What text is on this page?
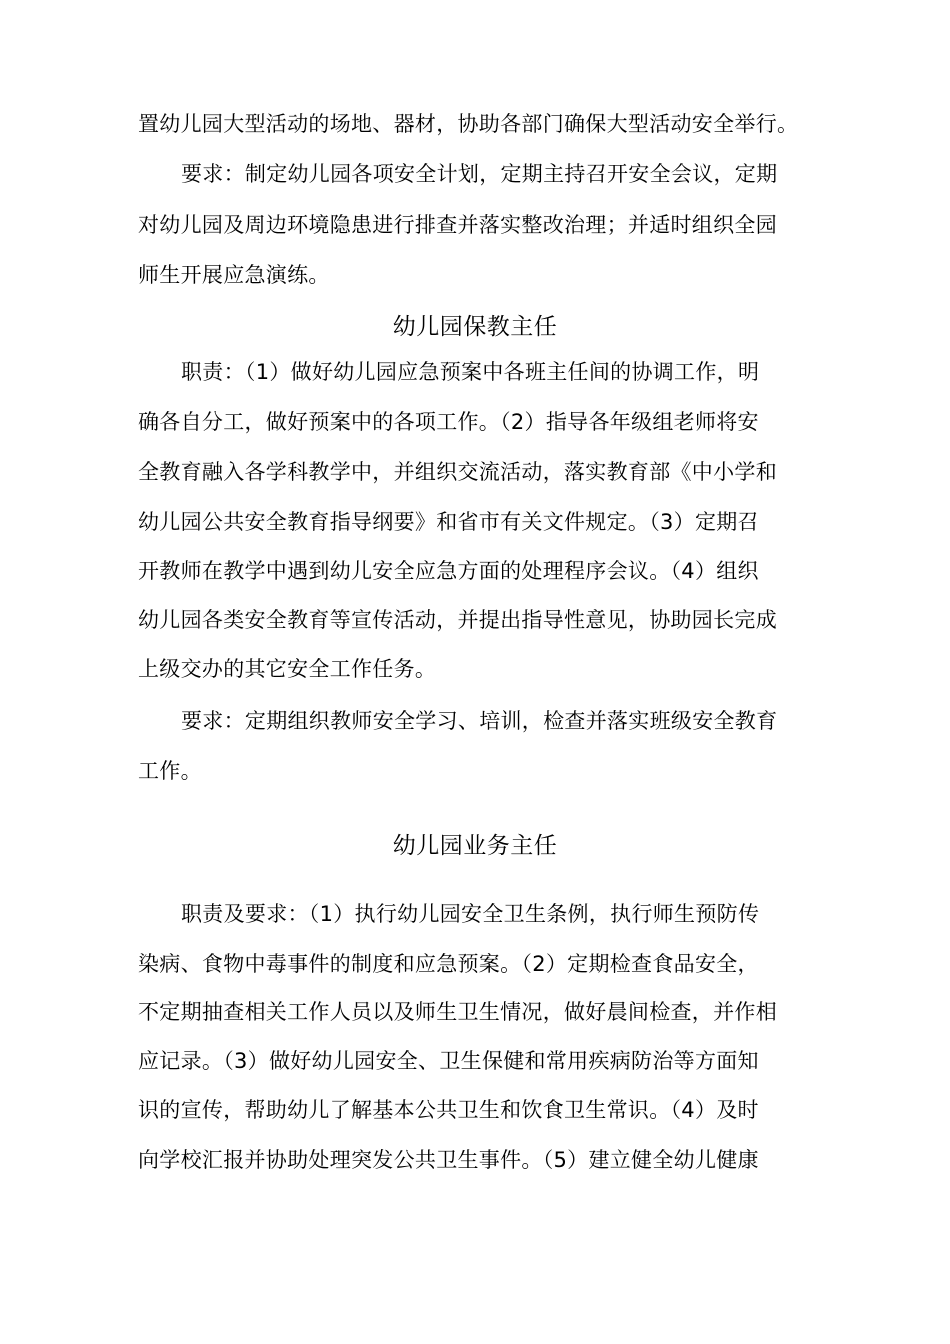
置幼儿园大型活动的场地、器材，协助各部门确保大型活动安全举行。
要求：制定幼儿园各项安全计划，定期主持召开安全会议，定期
对幼儿园及周边环境隐患进行排查并落实整改治理；并适时组织全园
师生开展应急演练。
幼儿园保教主任
职责：（1）做好幼儿园应急预案中各班主任间的协调工作，明
确各自分工，做好预案中的各项工作。（2）指导各年级组老师将安
全教育融入各学科教学中，并组织交流活动，落实教育部《中小学和
幼儿园公共安全教育指导纲要》和省市有关文件规定。（3）定期召
开教师在教学中遇到幼儿安全应急方面的处理程序会议。（4）组织
幼儿园各类安全教育等宣传活动，并提出指导性意见，协助园长完成
上级交办的其它安全工作任务。
要求：定期组织教师安全学习、培训，检查并落实班级安全教育
工作。
幼儿园业务主任
职责及要求：（1）执行幼儿园安全卫生条例，执行师生预防传
染病、食物中毒事件的制度和应急预案。（2）定期检查食品安全，
不定期抽查相关工作人员以及师生卫生情况，做好晨间检查，并作相
应记录。（3）做好幼儿园安全、卫生保健和常用疾病防治等方面知
识的宣传，帮助幼儿了解基本公共卫生和饮食卫生常识。（4）及时
向学校汇报并协助处理突发公共卫生事件。（5）建立健全幼儿健康
